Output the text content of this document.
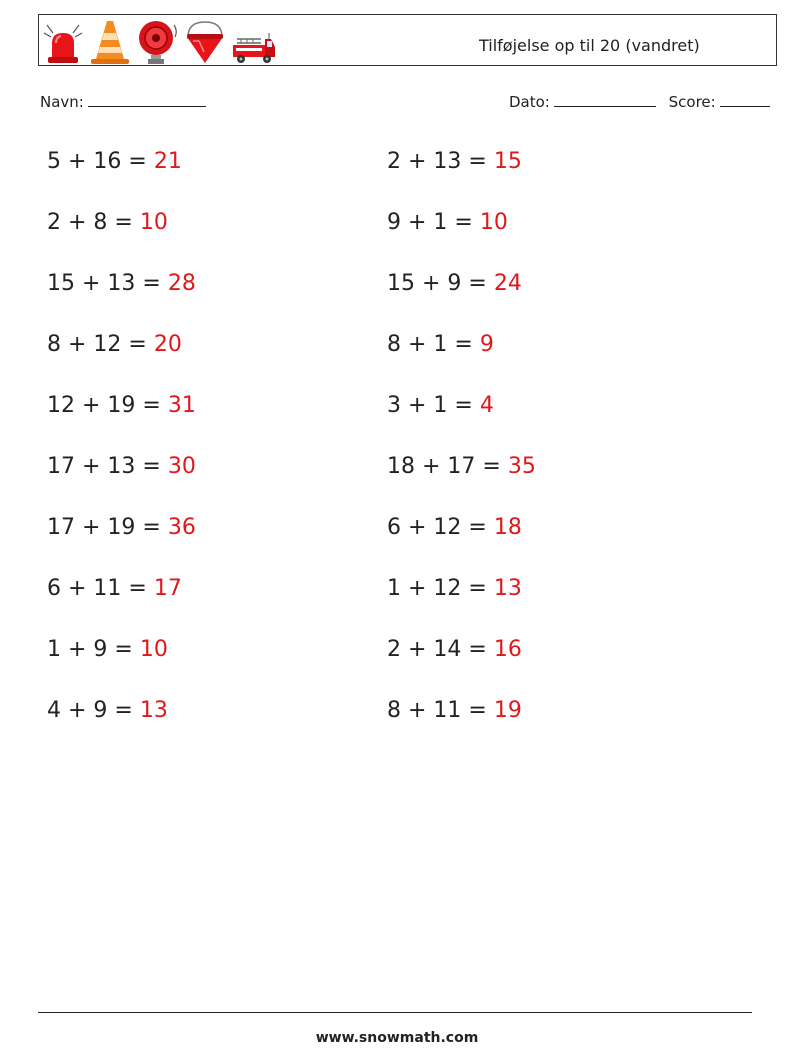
Tilføjelse op til 20 (vandret)
Navn:	Dato:	Score:
5 + 16 = 21
2 + 8 = 10
15 + 13 = 28
8 + 12 = 20
12 + 19 = 31
17 + 13 = 30
17 + 19 = 36
6 + 11 = 17
1 + 9 = 10
4 + 9 = 13
2 + 13 = 15
9 + 1 = 10
15 + 9 = 24
8 + 1 = 9
3 + 1 = 4
18 + 17 = 35
6 + 12 = 18
1 + 12 = 13
2 + 14 = 16
8 + 11 = 19
www.snowmath.com
